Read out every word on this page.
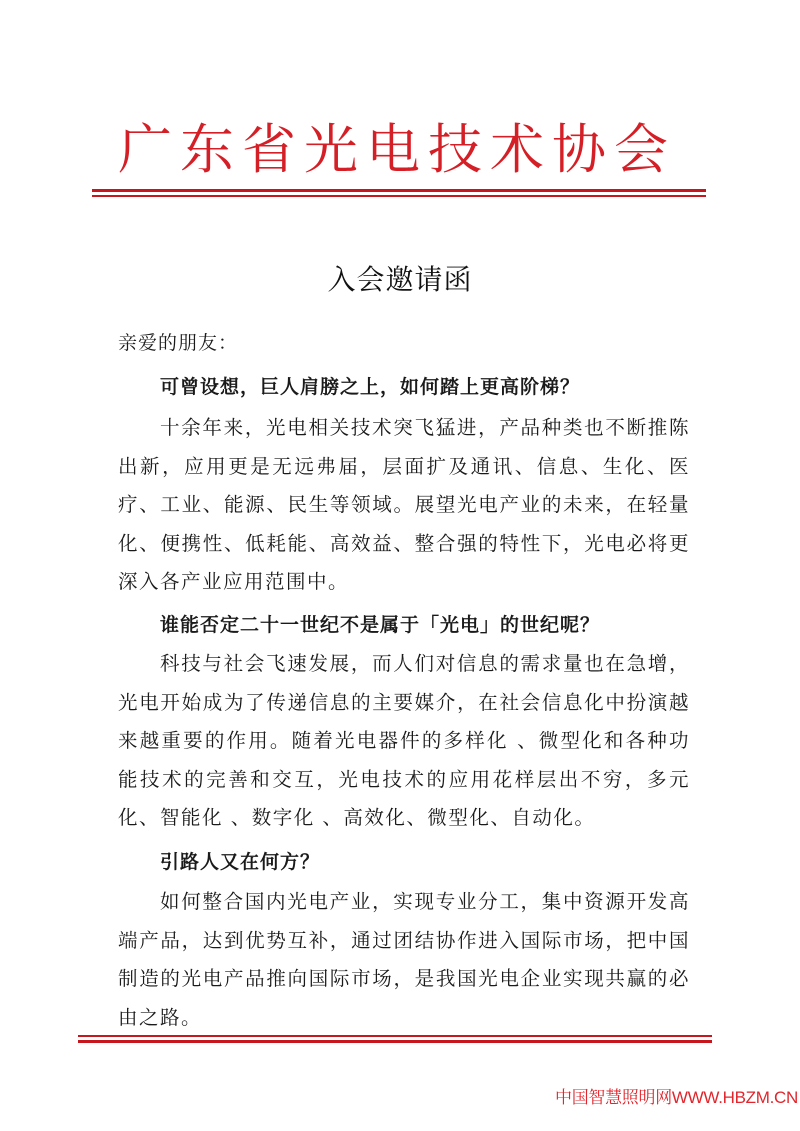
广东省光电技术协会
入会邀请函
亲爱的朋友：
可曾设想，巨人肩膀之上，如何踏上更高阶梯？
十余年来，光电相关技术突飞猛进，产品种类也不断推陈出新，应用更是无远弗届，层面扩及通讯、信息、生化、医疗、工业、能源、民生等领域。展望光电产业的未来，在轻量化、便携性、低耗能、高效益、整合强的特性下，光电必将更深入各产业应用范围中。
谁能否定二十一世纪不是属于「光电」的世纪呢？
科技与社会飞速发展，而人们对信息的需求量也在急增，光电开始成为了传递信息的主要媒介，在社会信息化中扮演越来越重要的作用。随着光电器件的多样化 、微型化和各种功能技术的完善和交互，光电技术的应用花样层出不穷，多元化、智能化 、数字化 、高效化、微型化、自动化。
引路人又在何方？
如何整合国内光电产业，实现专业分工，集中资源开发高端产品，达到优势互补，通过团结协作进入国际市场，把中国制造的光电产品推向国际市场，是我国光电企业实现共赢的必由之路。
中国智慧照明网WWW.HBZM.CN
